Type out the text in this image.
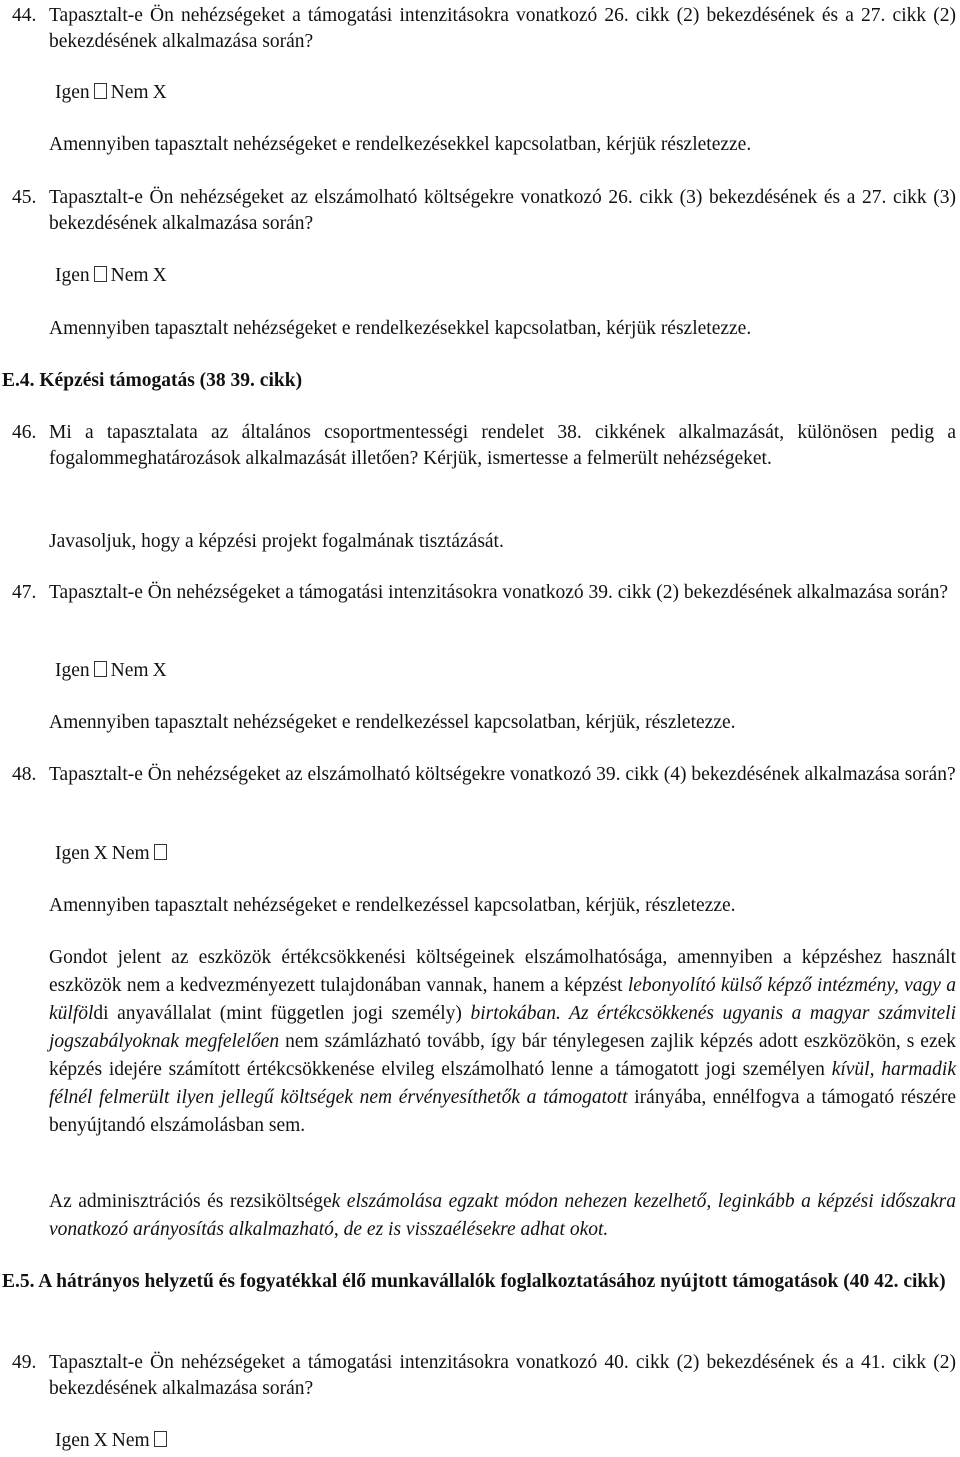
44. Tapasztalt-e Ön nehézségeket a támogatási intenzitásokra vonatkozó 26. cikk (2) bekezdésének és a 27. cikk (2) bekezdésének alkalmazása során?
Igen Nem X
Amennyiben tapasztalt nehézségeket e rendelkezésekkel kapcsolatban, kérjük részletezze.
45. Tapasztalt-e Ön nehézségeket az elszámolható költségekre vonatkozó 26. cikk (3) bekezdésének és a 27. cikk (3) bekezdésének alkalmazása során?
Igen Nem X
Amennyiben tapasztalt nehézségeket e rendelkezésekkel kapcsolatban, kérjük részletezze.
E.4. Képzési támogatás (38 39. cikk)
46. Mi a tapasztalata az általános csoportmentességi rendelet 38. cikkének alkalmazását, különösen pedig a fogalommeghatározások alkalmazását illetően? Kérjük, ismertesse a felmerült nehézségeket.
Javasoljuk, hogy a képzési projekt fogalmának tisztázását.
47. Tapasztalt-e Ön nehézségeket a támogatási intenzitásokra vonatkozó 39. cikk (2) bekezdésének alkalmazása során?
Igen Nem X
Amennyiben tapasztalt nehézségeket e rendelkezéssel kapcsolatban, kérjük, részletezze.
48. Tapasztalt-e Ön nehézségeket az elszámolható költségekre vonatkozó 39. cikk (4) bekezdésének alkalmazása során?
Igen X Nem
Amennyiben tapasztalt nehézségeket e rendelkezéssel kapcsolatban, kérjük, részletezze.
Gondot jelent az eszközök értékcsökkenési költségeinek elszámolhatósága, amennyiben a képzéshez használt eszközök nem a kedvezményezett tulajdonában vannak, hanem a képzést lebonyolító külső képző intézmény, vagy a külföldi anyavállalat (mint független jogi személy) birtokában. Az értékcsökkenés ugyanis a magyar számviteli jogszabályoknak megfelelően nem számlázható tovább, így bár ténylegesen zajlik képzés adott eszközökön, s ezek képzés idejére számított értékcsökkenése elvileg elszámolható lenne a támogatott jogi személyen kívül, harmadik félnél felmerült ilyen jellegű költségek nem érvényesíthetők a támogatott irányába, ennélfogva a támogató részére benyújtandó elszámolásban sem.
Az adminisztrációs és rezsiköltségek elszámolása egzakt módon nehezen kezelhető, leginkább a képzési időszakra vonatkozó arányosítás alkalmazható, de ez is visszaélésekre adhat okot.
E.5. A hátrányos helyzetű és fogyatékkal élő munkavállalók foglalkoztatásához nyújtott támogatások (40 42. cikk)
49. Tapasztalt-e Ön nehézségeket a támogatási intenzitásokra vonatkozó 40. cikk (2) bekezdésének és a 41. cikk (2) bekezdésének alkalmazása során?
Igen X Nem
